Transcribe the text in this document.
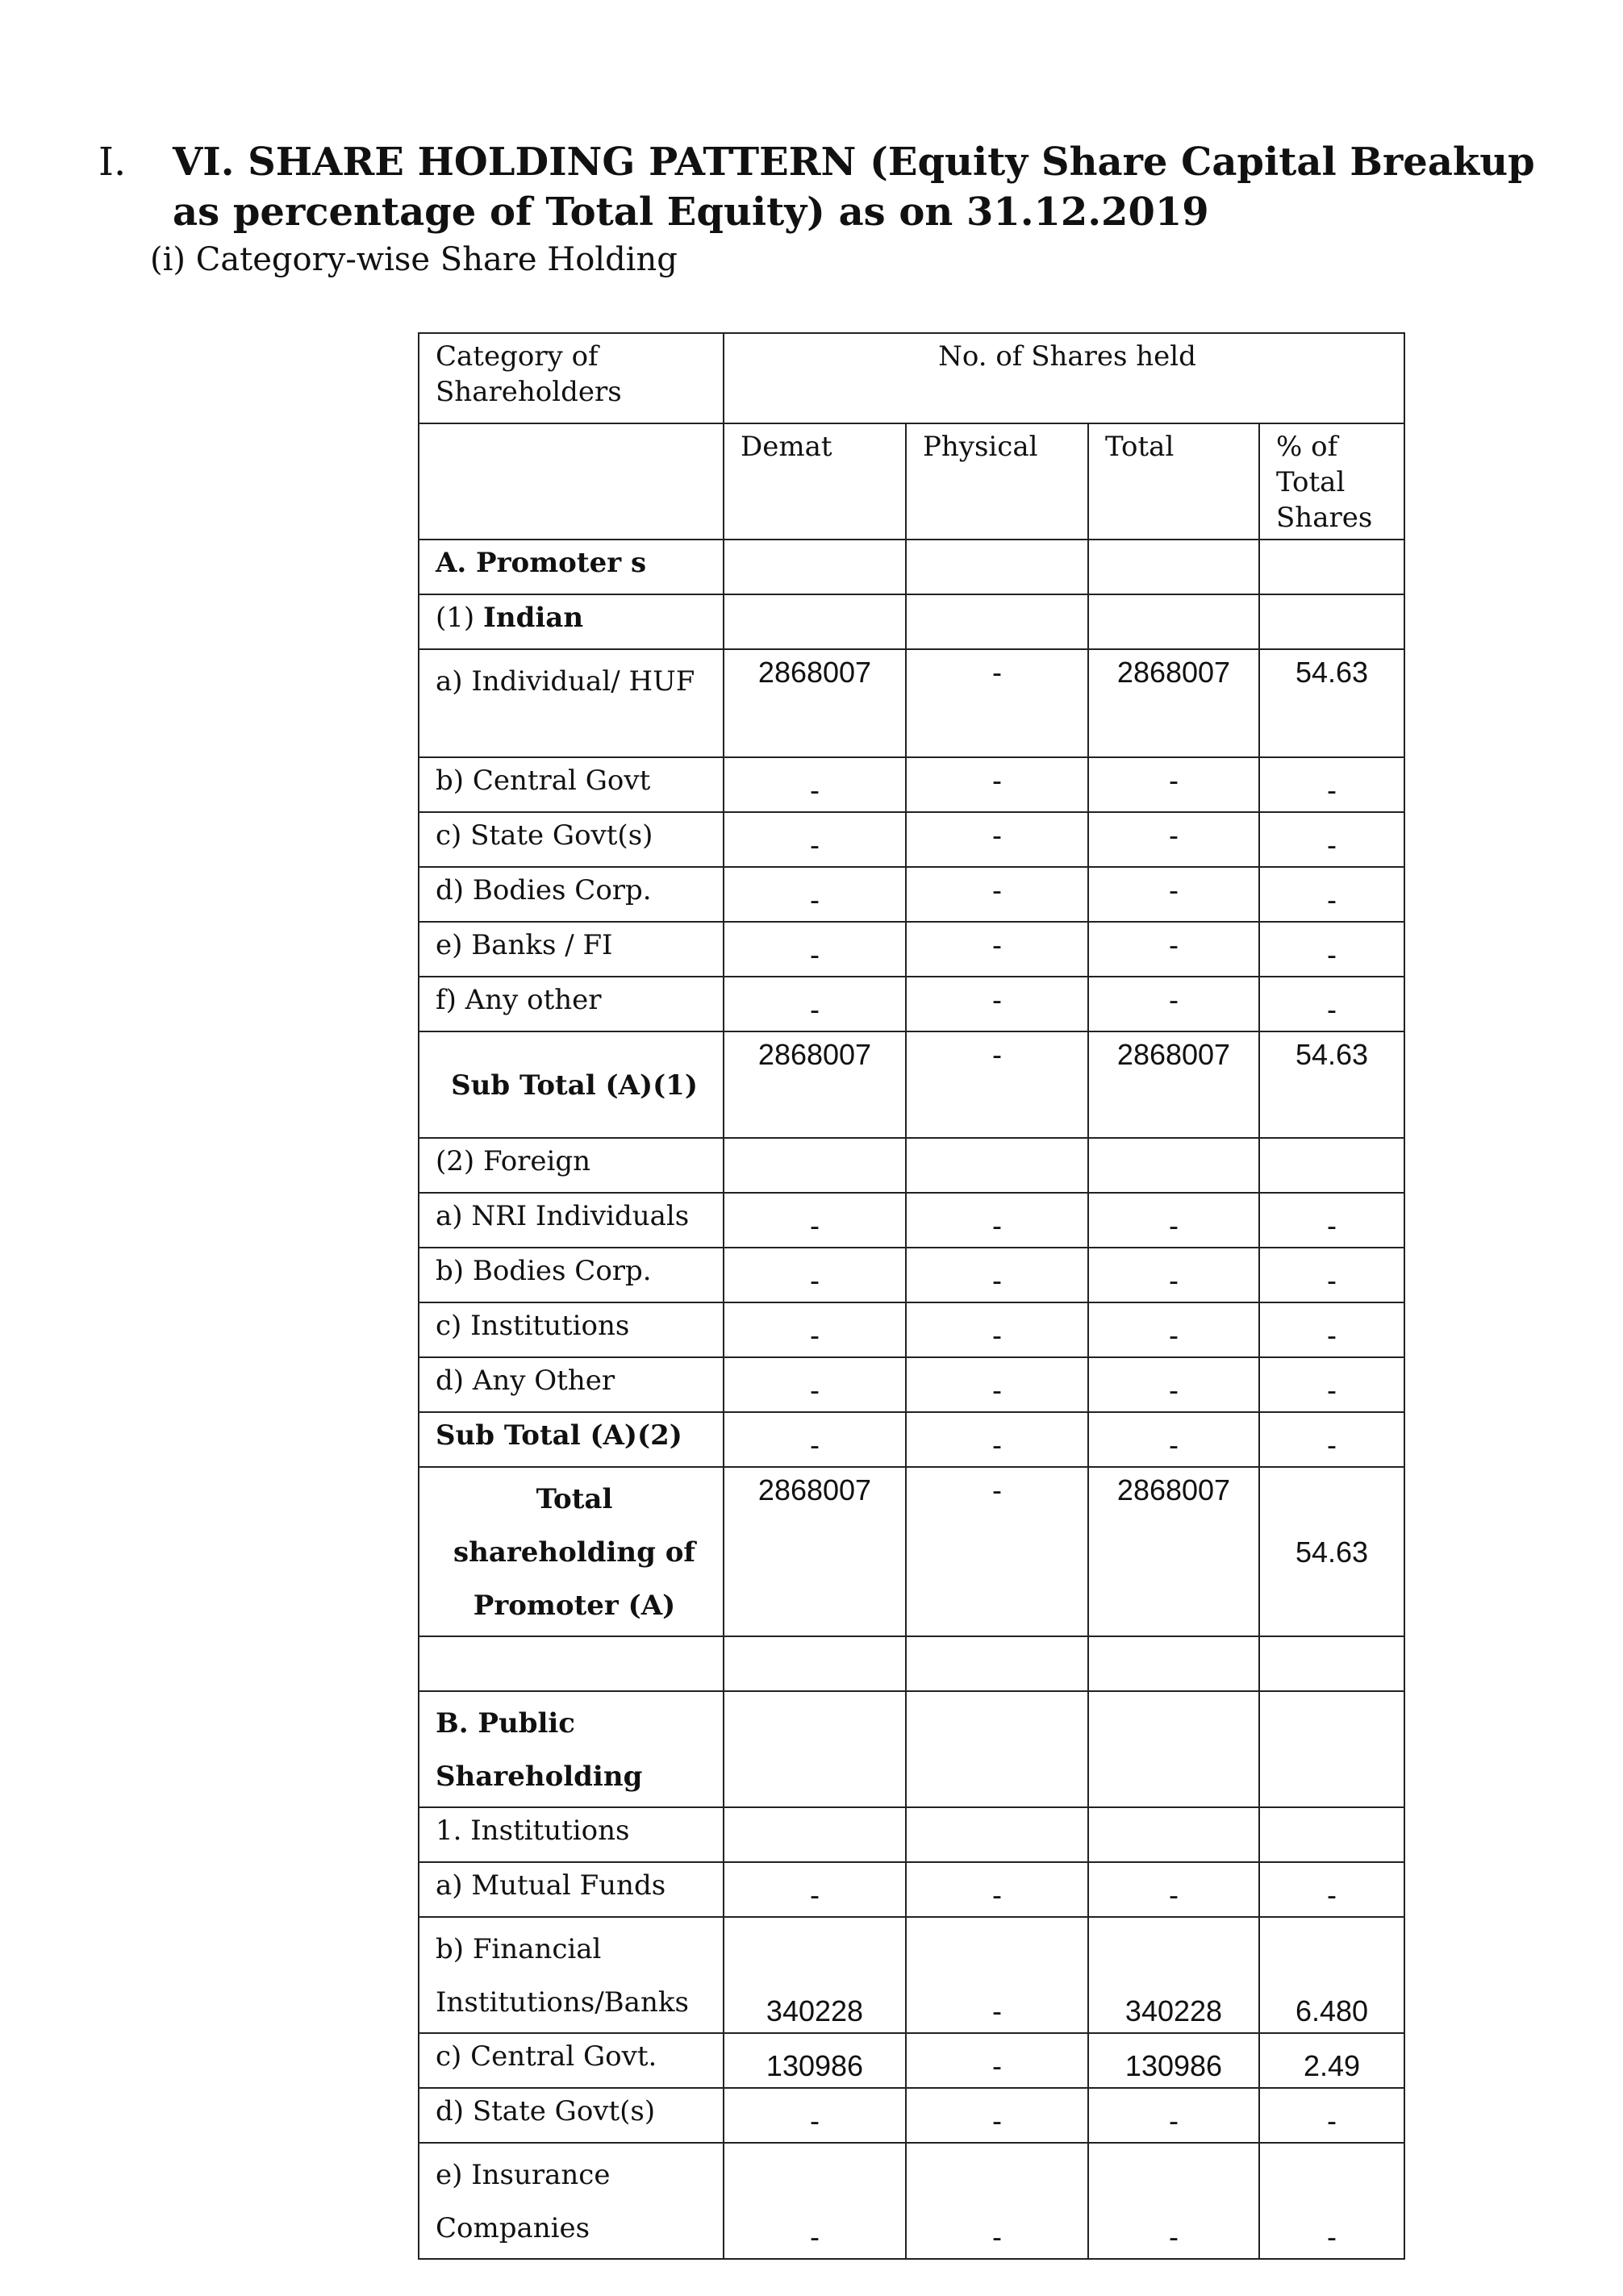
I.	VI. SHARE HOLDING PATTERN (Equity Share Capital Breakup as percentage of Total Equity) as on 31.12.2019
(i) Category-wise Share Holding
Category of Shareholders	No. of Shares held			
	Demat	Physical	Total	% of Total Shares
A. Promoter s				
(1) Indian				
a) Individual/ HUF	2868007	-	2868007	54.63
b) Central Govt	-	-	-	-
c) State Govt(s)	-	-	-	-
d) Bodies Corp.	-	-	-	-
e) Banks / FI	-	-	-	-
f) Any other	-	-	-	-
Sub Total (A)(1)	2868007	-	2868007	54.63
(2) Foreign				
a) NRI Individuals	-	-	-	-
b) Bodies Corp.	-	-	-	-
c) Institutions	-	-	-	-
d) Any Other	-	-	-	-
Sub Total (A)(2)	-	-	-	-
Total shareholding of Promoter (A)	2868007	-	2868007	54.63

B. Public Shareholding				
1. Institutions				
a) Mutual Funds	-	-	-	-
b) Financial Institutions/Banks	340228	-	340228	6.480
c) Central Govt.	130986	-	130986	2.49
d) State Govt(s)	-	-	-	-
e) Insurance Companies	-	-	-	-
